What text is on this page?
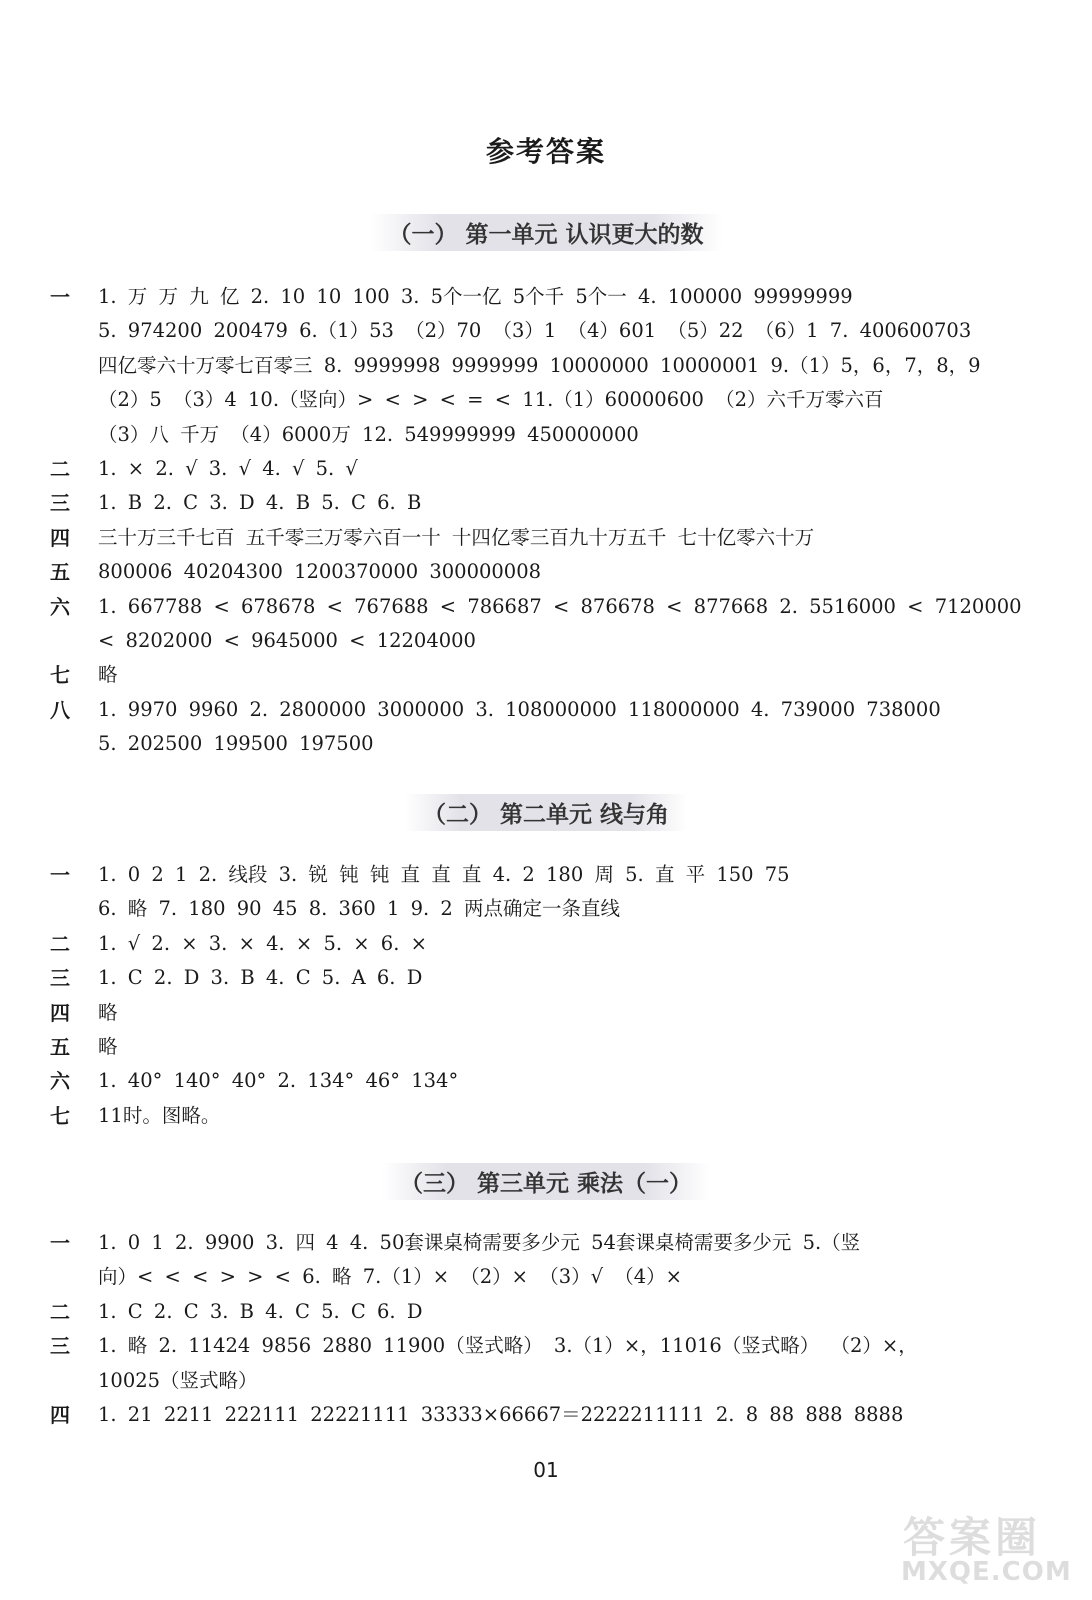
参考答案
（一） 第一单元 认识更大的数
一	1. 万 万 九 亿 2. 10 10 100 3. 5个一亿 5个千 5个一 4. 100000 99999999
5. 974200 200479 6.（1）53 （2）70 （3）1 （4）601 （5）22 （6）1 7. 400600703
四亿零六十万零七百零三 8. 9999998 9999999 10000000 10000001 9.（1）5，6，7，8，9
（2）5 （3）4 10.（竖向）> < > < = < 11.（1）60000600 （2）六千万零六百
（3）八 千万 （4）6000万 12. 549999999 450000000
二	1. × 2. √ 3. √ 4. √ 5. √
三	1. B 2. C 3. D 4. B 5. C 6. B
四	三十万三千七百 五千零三万零六百一十 十四亿零三百九十万五千 七十亿零六十万
五	800006 40204300 1200370000 300000008
六	1. 667788 < 678678 < 767688 < 786687 < 876678 < 877668 2. 5516000 < 7120000
< 8202000 < 9645000 < 12204000
七	略
八	1. 9970 9960 2. 2800000 3000000 3. 108000000 118000000 4. 739000 738000
5. 202500 199500 197500
（二） 第二单元 线与角
一	1. 0 2 1 2. 线段 3. 锐 钝 钝 直 直 直 4. 2 180 周 5. 直 平 150 75
6. 略 7. 180 90 45 8. 360 1 9. 2 两点确定一条直线
二	1. √ 2. × 3. × 4. × 5. × 6. ×
三	1. C 2. D 3. B 4. C 5. A 6. D
四	略
五	略
六	1. 40° 140° 40° 2. 134° 46° 134°
七	11时。图略。
（三） 第三单元 乘法（一）
一	1. 0 1 2. 9900 3. 四 4 4. 50套课桌椅需要多少元 54套课桌椅需要多少元 5.（竖
向）< < < > > < 6. 略 7.（1）× （2）× （3）√ （4）×
二	1. C 2. C 3. B 4. C 5. C 6. D
三	1. 略 2. 11424 9856 2880 11900（竖式略） 3.（1）×，11016（竖式略） （2）×，
10025（竖式略）
四	1. 21 2211 222111 22221111 33333×66667＝2222211111 2. 8 88 888 8888
01
答案圈
MXQE.COM
